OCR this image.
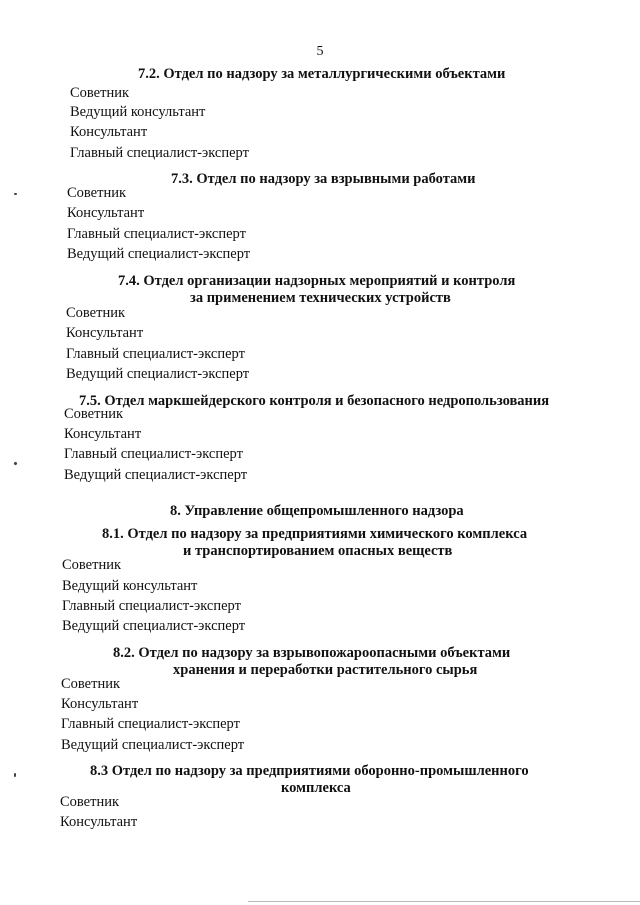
5
7.2. Отдел по надзору за металлургическими объектами
Советник
Ведущий консультант
Консультант
Главный специалист-эксперт
7.3. Отдел по надзору за взрывными работами
Советник
Консультант
Главный специалист-эксперт
Ведущий специалист-эксперт
7.4. Отдел организации надзорных мероприятий и контроля
за применением технических устройств
Советник
Консультант
Главный специалист-эксперт
Ведущий специалист-эксперт
7.5. Отдел маркшейдерского контроля и безопасного недропользования
Советник
Консультант
Главный специалист-эксперт
Ведущий специалист-эксперт
8. Управление общепромышленного надзора
8.1. Отдел по надзору за предприятиями химического комплекса
и транспортированием опасных веществ
Советник
Ведущий консультант
Главный специалист-эксперт
Ведущий специалист-эксперт
8.2. Отдел по надзору за взрывопожароопасными объектами
хранения и переработки растительного сырья
Советник
Консультант
Главный специалист-эксперт
Ведущий специалист-эксперт
8.3 Отдел по надзору за предприятиями оборонно-промышленного
комплекса
Советник
Консультант
